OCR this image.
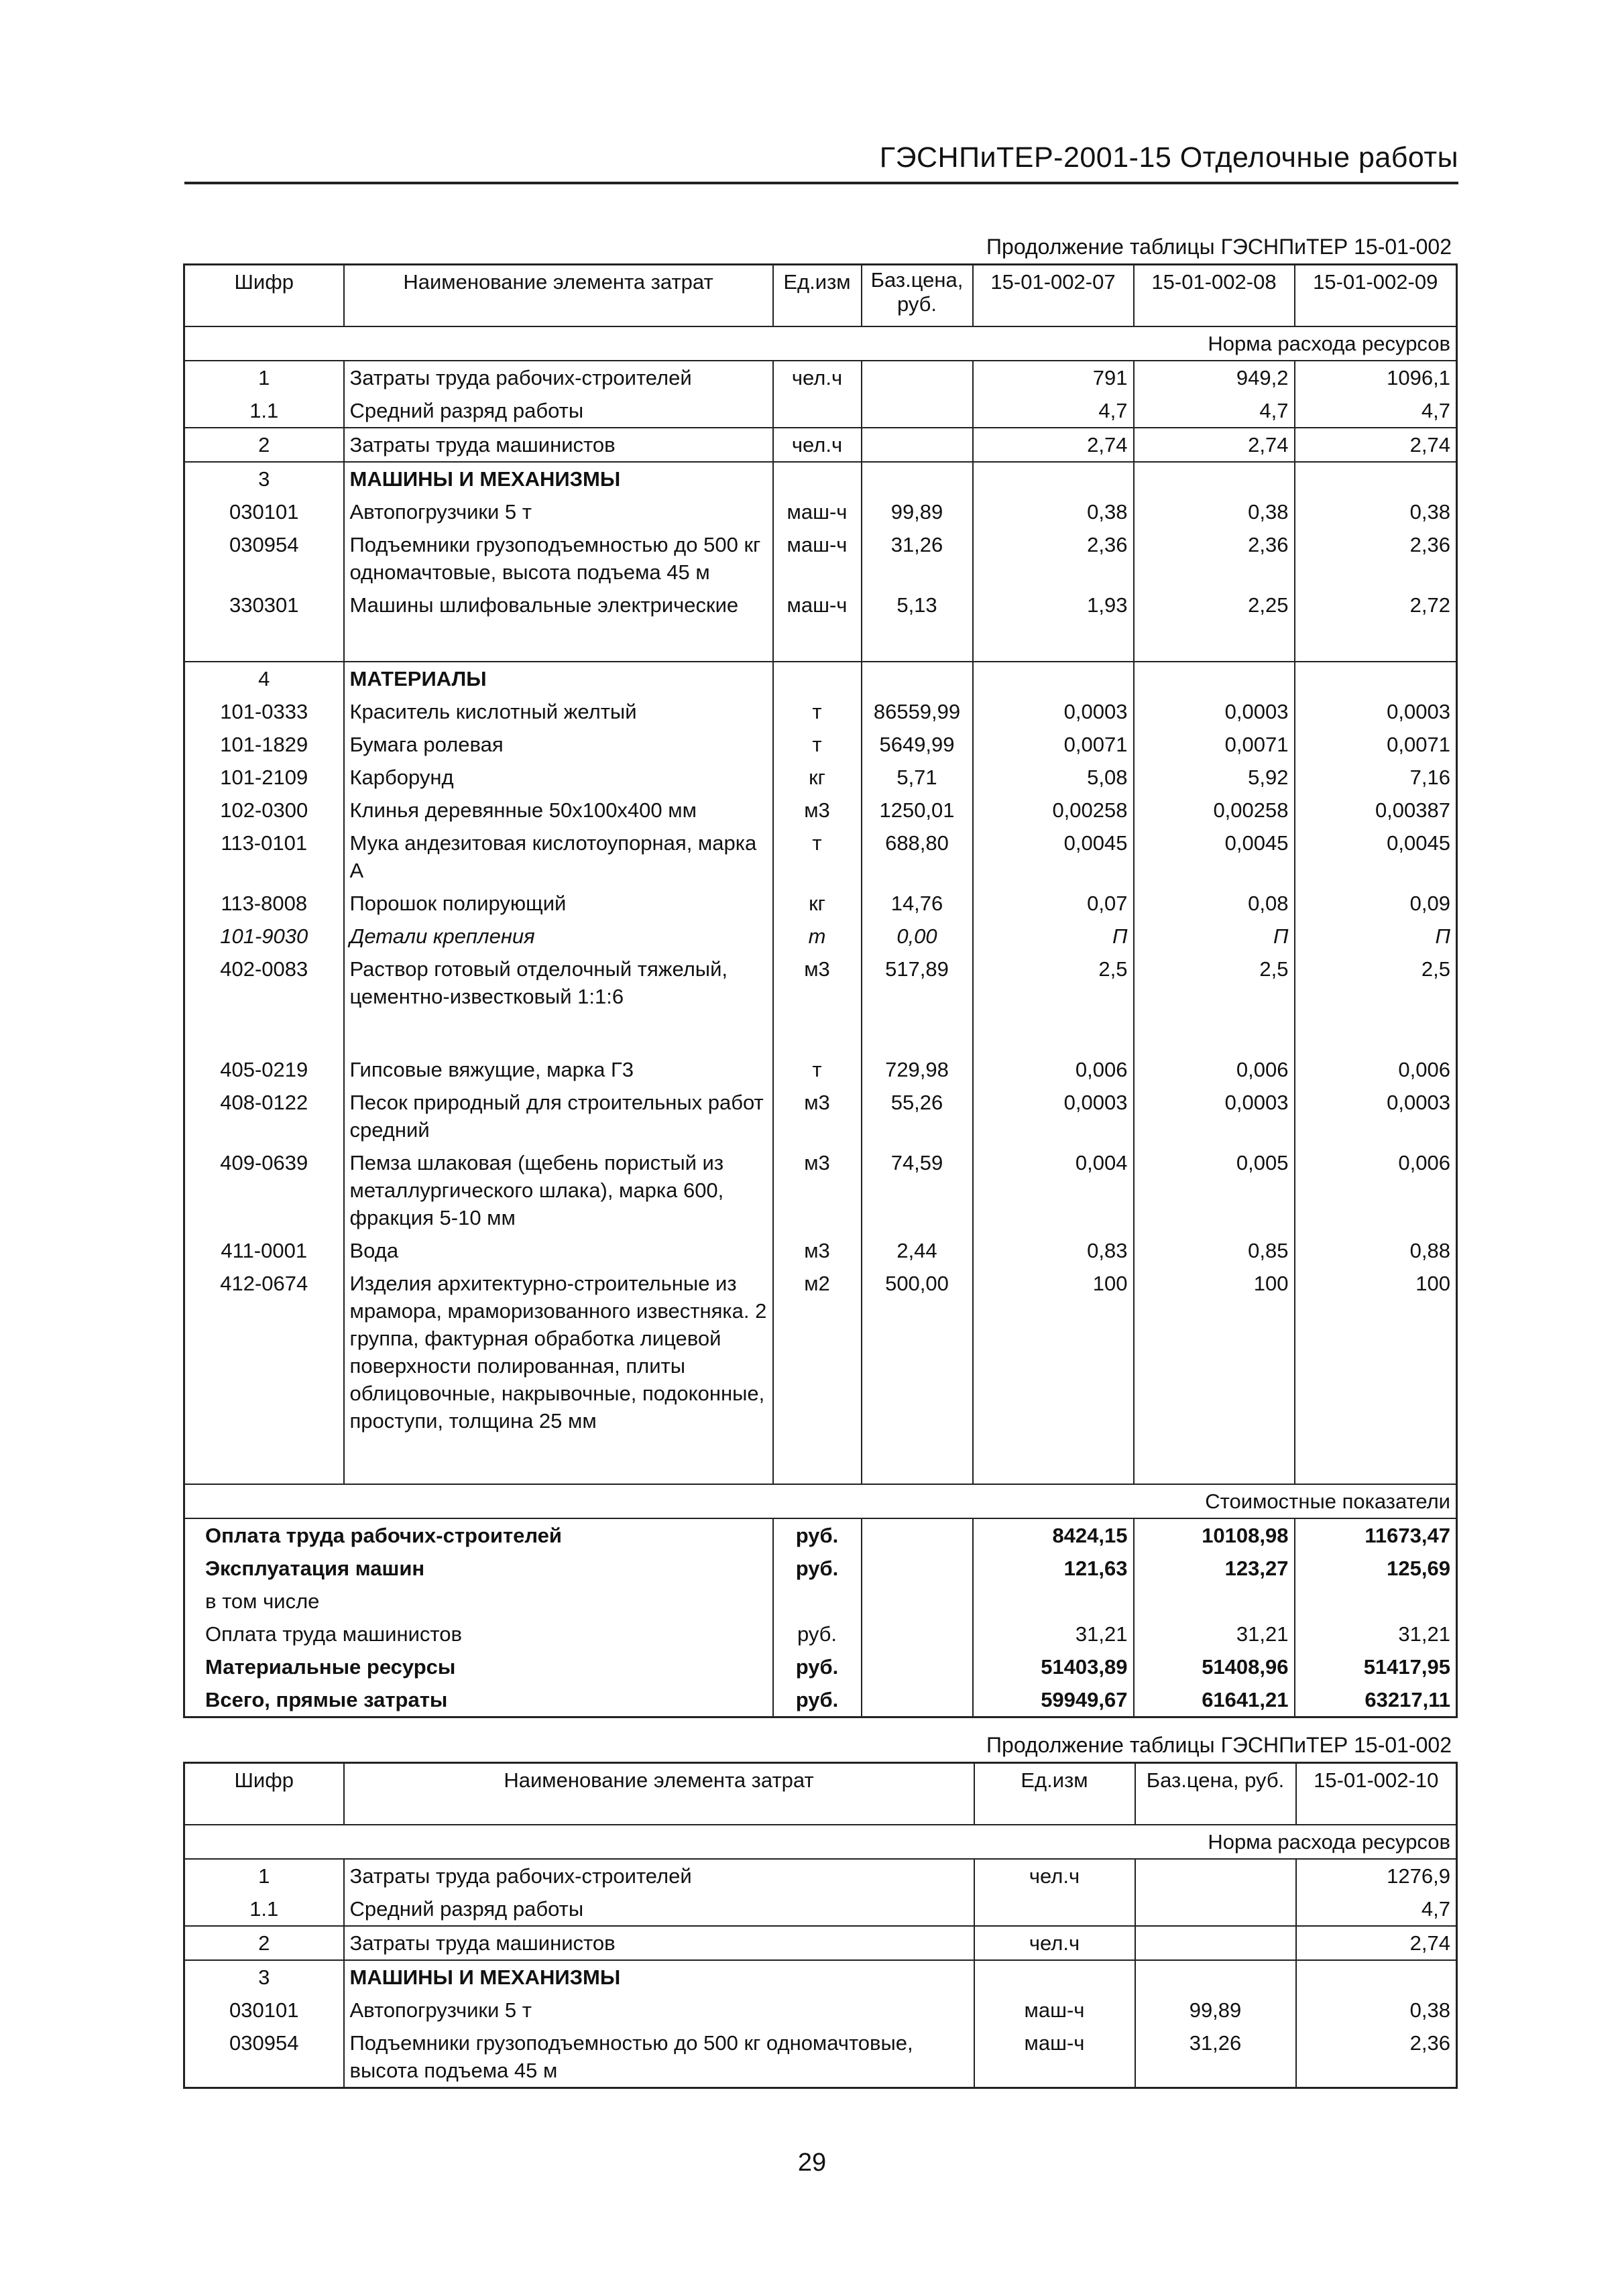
ГЭСНПиТЕР-2001-15 Отделочные работы
Продолжение таблицы ГЭСНПиТЕР 15-01-002
Шифр	Наименование элемента затрат	Ед.изм	Баз.цена, руб.	15-01-002-07	15-01-002-08	15-01-002-09
Норма расхода ресурсов						
1	Затраты труда рабочих-строителей	чел.ч		791	949,2	1096,1
1.1	Средний разряд работы			4,7	4,7	4,7
2	Затраты труда машинистов	чел.ч		2,74	2,74	2,74
3	МАШИНЫ И МЕХАНИЗМЫ					
030101	Автопогрузчики 5 т	маш-ч	99,89	0,38	0,38	0,38
030954	Подъемники грузоподъемностью до 500 кг одномачтовые, высота подъема 45 м	маш-ч	31,26	2,36	2,36	2,36
330301	Машины шлифовальные электрические	маш-ч	5,13	1,93	2,25	2,72

4	МАТЕРИАЛЫ					
101-0333	Краситель кислотный желтый	т	86559,99	0,0003	0,0003	0,0003
101-1829	Бумага ролевая	т	5649,99	0,0071	0,0071	0,0071
101-2109	Карборунд	кг	5,71	5,08	5,92	7,16
102-0300	Клинья деревянные 50х100х400 мм	м3	1250,01	0,00258	0,00258	0,00387
113-0101	Мука андезитовая кислотоупорная, марка А	т	688,80	0,0045	0,0045	0,0045
113-8008	Порошок полирующий	кг	14,76	0,07	0,08	0,09
101-9030	Детали крепления	т	0,00	П	П	П
402-0083	Раствор готовый отделочный тяжелый, цементно-известковый 1:1:6	м3	517,89	2,5	2,5	2,5

405-0219	Гипсовые вяжущие, марка Г3	т	729,98	0,006	0,006	0,006
408-0122	Песок природный для строительных работ средний	м3	55,26	0,0003	0,0003	0,0003
409-0639	Пемза шлаковая (щебень пористый из металлургического шлака), марка 600, фракция 5-10 мм	м3	74,59	0,004	0,005	0,006
411-0001	Вода	м3	2,44	0,83	0,85	0,88
412-0674	Изделия архитектурно-строительные из мрамора, мраморизованного известняка. 2 группа, фактурная обработка лицевой поверхности полированная, плиты облицовочные, накрывочные, подоконные, проступи, толщина 25 мм	м2	500,00	100	100	100

Стоимостные показатели						
Оплата труда рабочих-строителей		руб.		8424,15	10108,98	11673,47
Эксплуатация машин		руб.		121,63	123,27	125,69
в том числе						
Оплата труда машинистов		руб.		31,21	31,21	31,21
Материальные ресурсы		руб.		51403,89	51408,96	51417,95
Всего, прямые затраты		руб.		59949,67	61641,21	63217,11
Продолжение таблицы ГЭСНПиТЕР 15-01-002
Шифр	Наименование элемента затрат	Ед.изм	Баз.цена, руб.	15-01-002-10
Норма расхода ресурсов				
1	Затраты труда рабочих-строителей	чел.ч		1276,9
1.1	Средний разряд работы			4,7
2	Затраты труда машинистов	чел.ч		2,74
3	МАШИНЫ И МЕХАНИЗМЫ			
030101	Автопогрузчики 5 т	маш-ч	99,89	0,38
030954	Подъемники грузоподъемностью до 500 кг одномачтовые, высота подъема 45 м	маш-ч	31,26	2,36
29
